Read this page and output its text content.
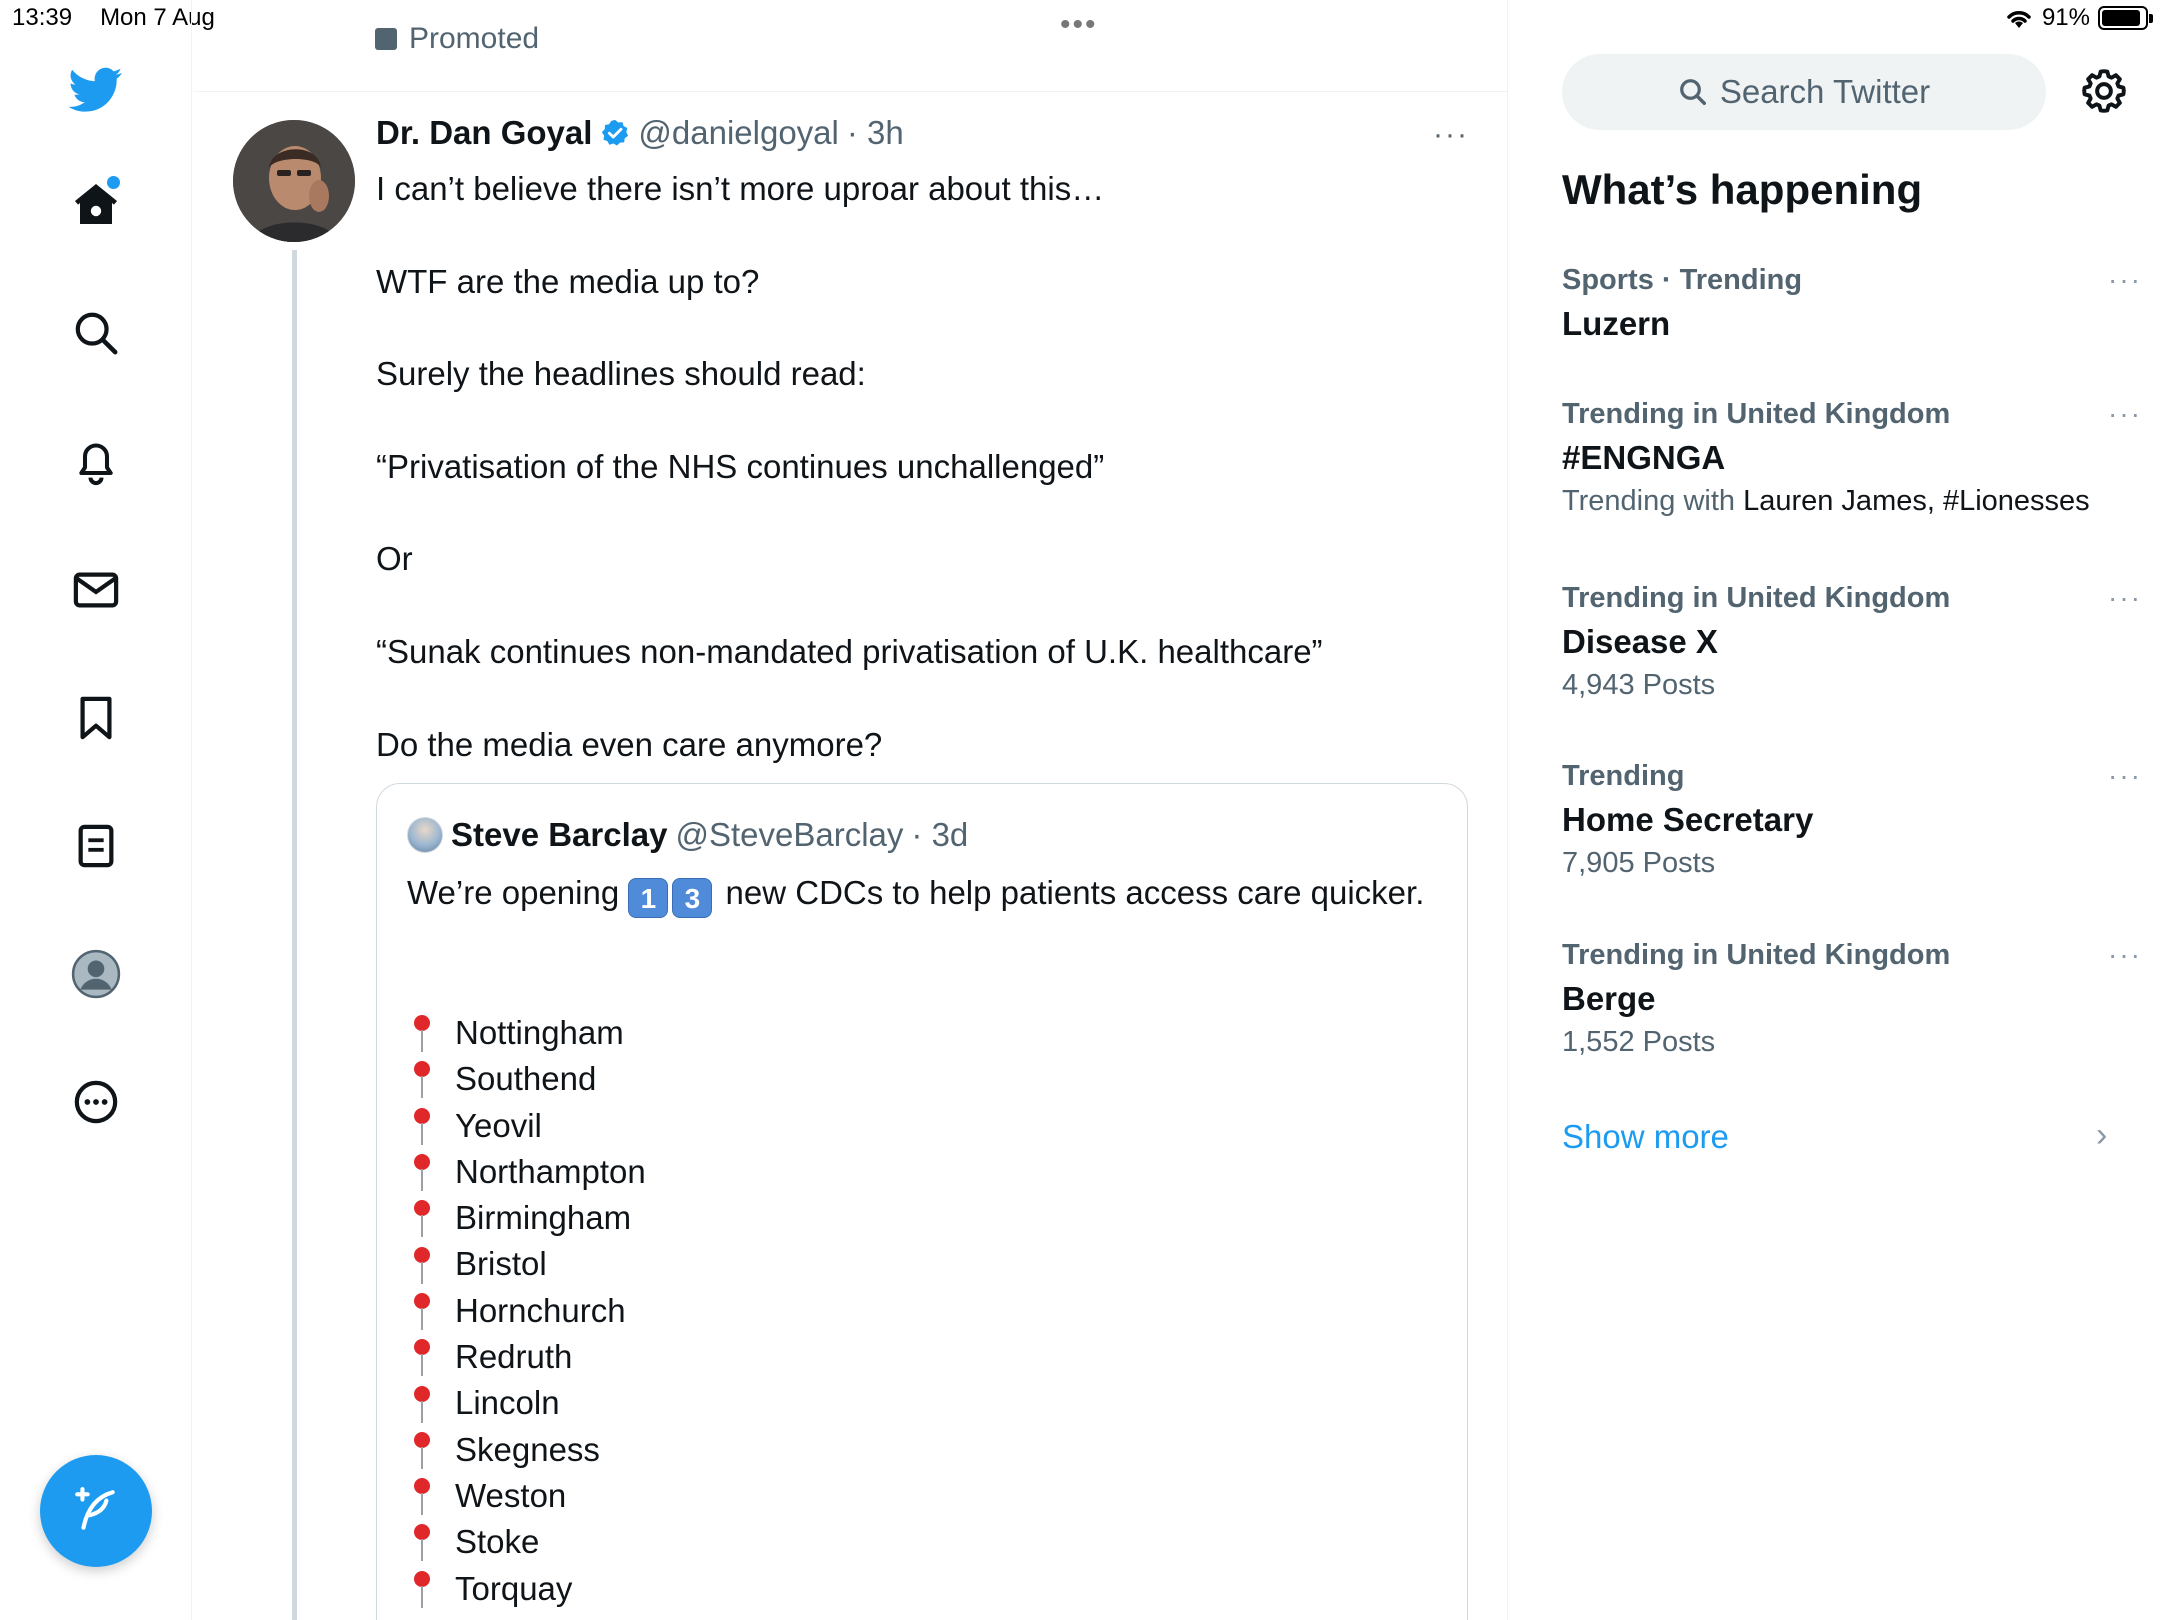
13:39 Mon 7 Aug	•••	91%
Promoted
Dr. Dan Goyal @danielgoyal · 3h	···
I can’t believe there isn’t more uproar about this…

WTF are the media up to?

Surely the headlines should read:

“Privatisation of the NHS continues unchallenged”

Or

“Sunak continues non-mandated privatisation of U.K. healthcare”

Do the media even care anymore?
Steve Barclay @SteveBarclay · 3d
We’re opening 1 3 new CDCs to help patients access care quicker.
Nottingham
Southend
Yeovil
Northampton
Birmingham
Bristol
Hornchurch
Redruth
Lincoln
Skegness
Weston
Stoke
Torquay
Search Twitter
What’s happening
Sports · Trending
Luzern
···
Trending in United Kingdom
#ENGNGA
Trending with Lauren James, #Lionesses
···
Trending in United Kingdom
Disease X
4,943 Posts
···
Trending
Home Secretary
7,905 Posts
···
Trending in United Kingdom
Berge
1,552 Posts
···
Show more	›
